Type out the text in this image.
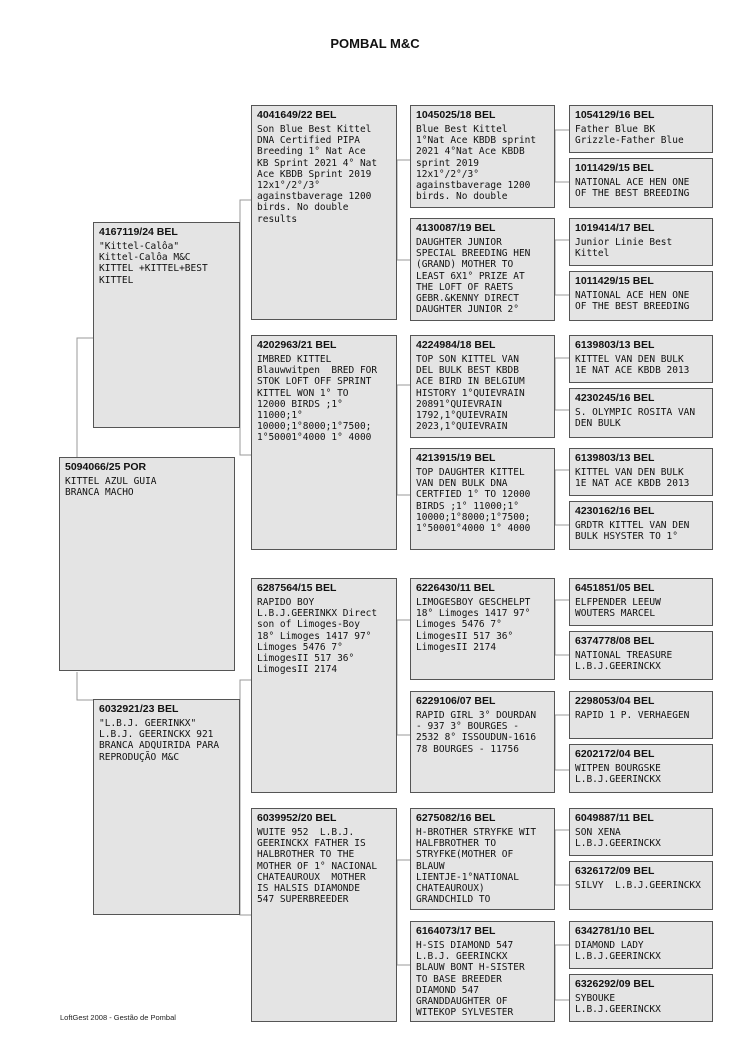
POMBAL M&C
5094066/25 POR
KITTEL AZUL GUIA
BRANCA MACHO
4167119/24 BEL
"Kittel-Calôa"
Kittel-Calôa M&C
KITTEL +KITTEL+BEST
KITTEL
6032921/23 BEL
"L.B.J. GEERINKX"
L.B.J. GEERINCKX 921
BRANCA ADQUIRIDA PARA
REPRODUÇÃO M&C
4041649/22 BEL
Son Blue Best Kittel
DNA Certified PIPA
Breeding 1° Nat Ace
KB Sprint 2021 4° Nat
Ace KBDB Sprint 2019
12x1°/2°/3°
againstbaverage 1200
birds. No double
results
4202963/21 BEL
IMBRED KITTEL
Blauwwitpen  BRED FOR
STOK LOFT OFF SPRINT
KITTEL WON 1° TO
12000 BIRDS ;1°
11000;1°
10000;1°8000;1°7500;
1°50001°4000 1° 4000
6287564/15 BEL
RAPIDO BOY
L.B.J.GEERINKX Direct
son of Limoges-Boy
18° Limoges 1417 97°
Limoges 5476 7°
LimogesII 517 36°
LimogesII 2174
6039952/20 BEL
WUITE 952  L.B.J.
GEERINCKX FATHER IS
HALBROTHER TO THE
MOTHER OF 1° NACIONAL
CHATEAUROUX  MOTHER
IS HALSIS DIAMONDE
547 SUPERBREEDER
1045025/18 BEL
Blue Best Kittel
1°Nat Ace KBDB sprint
2021 4°Nat Ace KBDB
sprint 2019
12x1°/2°/3°
againstbaverage 1200
birds. No double
4130087/19 BEL
DAUGHTER JUNIOR
SPECIAL BREEDING HEN
(GRAND) MOTHER TO
LEAST 6X1° PRIZE AT
THE LOFT OF RAETS
GEBR.&KENNY DIRECT
DAUGHTER JUNIOR 2°
4224984/18 BEL
TOP SON KITTEL VAN
DEL BULK BEST KBDB
ACE BIRD IN BELGIUM
HISTORY 1°QUIEVRAIN
20891°QUIEVRAIN
1792,1°QUIEVRAIN
2023,1°QUIEVRAIN
4213915/19 BEL
TOP DAUGHTER KITTEL
VAN DEN BULK DNA
CERTFIED 1° TO 12000
BIRDS ;1° 11000;1°
10000;1°8000;1°7500;
1°50001°4000 1° 4000
6226430/11 BEL
LIMOGESBOY GESCHELPT
18° Limoges 1417 97°
Limoges 5476 7°
LimogesII 517 36°
LimogesII 2174
6229106/07 BEL
RAPID GIRL 3° DOURDAN
- 937 3° BOURGES -
2532 8° ISSOUDUN-1616
78 BOURGES - 11756
6275082/16 BEL
H-BROTHER STRYFKE WIT
HALFBROTHER TO
STRYFKE(MOTHER OF
BLAUW
LIENTJE-1°NATIONAL
CHATEAUROUX)
GRANDCHILD TO
6164073/17 BEL
H-SIS DIAMOND 547
L.B.J. GEERINCKX
BLAUW BONT H-SISTER
TO BASE BREEDER
DIAMOND 547
GRANDDAUGHTER OF
WITEKOP SYLVESTER
1054129/16 BEL
Father Blue BK
Grizzle-Father Blue
1011429/15 BEL
NATIONAL ACE HEN ONE
OF THE BEST BREEDING
1019414/17 BEL
Junior Linie Best
Kittel
1011429/15 BEL
NATIONAL ACE HEN ONE
OF THE BEST BREEDING
6139803/13 BEL
KITTEL VAN DEN BULK
1E NAT ACE KBDB 2013
4230245/16 BEL
S. OLYMPIC ROSITA VAN
DEN BULK
6139803/13 BEL
KITTEL VAN DEN BULK
1E NAT ACE KBDB 2013
4230162/16 BEL
GRDTR KITTEL VAN DEN
BULK HSYSTER TO 1°
6451851/05 BEL
ELFPENDER LEEUW
WOUTERS MARCEL
6374778/08 BEL
NATIONAL TREASURE
L.B.J.GEERINCKX
2298053/04 BEL
RAPID 1 P. VERHAEGEN
6202172/04 BEL
WITPEN BOURGSKE
L.B.J.GEERINCKX
6049887/11 BEL
SON XENA
L.B.J.GEERINCKX
6326172/09 BEL
SILVY  L.B.J.GEERINCKX
6342781/10 BEL
DIAMOND LADY
L.B.J.GEERINCKX
6326292/09 BEL
SYBOUKE
L.B.J.GEERINCKX
LoftGest 2008 - Gestão de Pombal
